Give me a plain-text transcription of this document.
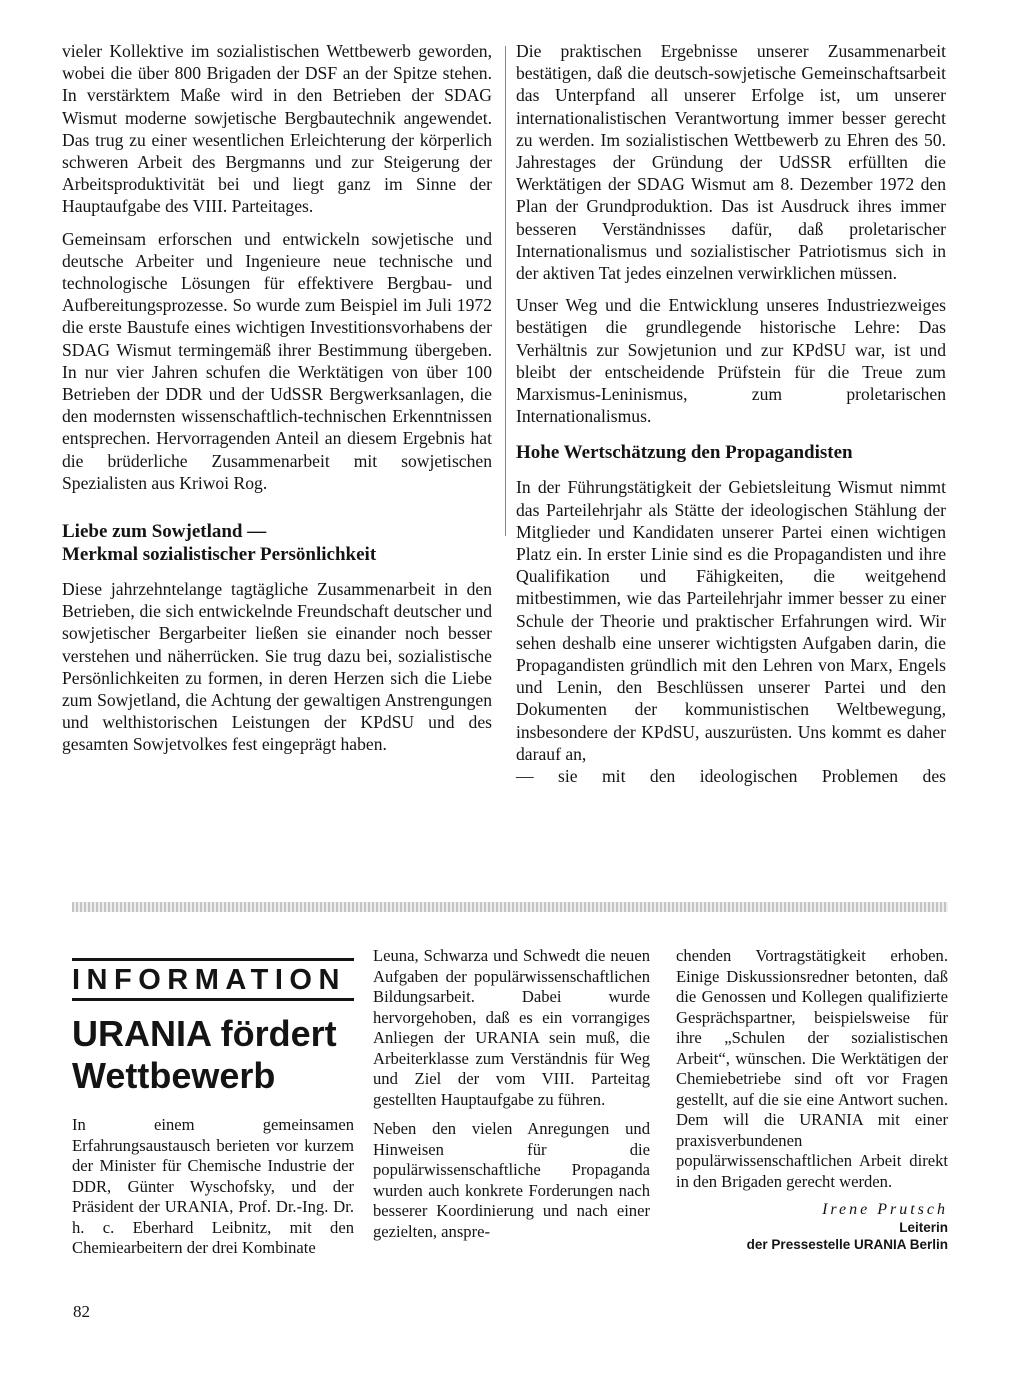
vieler Kollektive im sozialistischen Wettbewerb geworden, wobei die über 800 Brigaden der DSF an der Spitze stehen. In verstärktem Maße wird in den Betrieben der SDAG Wismut moderne sowjetische Bergbautechnik angewendet. Das trug zu einer wesentlichen Erleichterung der körperlich schweren Arbeit des Bergmanns und zur Steigerung der Arbeitsproduktivität bei und liegt ganz im Sinne der Hauptaufgabe des VIII. Parteitages.

Gemeinsam erforschen und entwickeln sowjetische und deutsche Arbeiter und Ingenieure neue technische und technologische Lösungen für effektivere Bergbau- und Aufbereitungsprozesse. So wurde zum Beispiel im Juli 1972 die erste Baustufe eines wichtigen Investitionsvorhabens der SDAG Wismut termingemäß ihrer Bestimmung übergeben. In nur vier Jahren schufen die Werktätigen von über 100 Betrieben der DDR und der UdSSR Bergwerksanlagen, die den modernsten wissenschaftlich-technischen Erkenntnissen entsprechen. Hervorragenden Anteil an diesem Ergebnis hat die brüderliche Zusammenarbeit mit sowjetischen Spezialisten aus Kriwoi Rog.

Liebe zum Sowjetland —
Merkmal sozialistischer Persönlichkeit

Diese jahrzehntelange tagtägliche Zusammenarbeit in den Betrieben, die sich entwickelnde Freundschaft deutscher und sowjetischer Bergarbeiter ließen sie einander noch besser verstehen und näherrücken. Sie trug dazu bei, sozialistische Persönlichkeiten zu formen, in deren Herzen sich die Liebe zum Sowjetland, die Achtung der gewaltigen Anstrengungen und welthistorischen Leistungen der KPdSU und des gesamten Sowjetvolkes fest eingeprägt haben.

Die praktischen Ergebnisse unserer Zusammenarbeit bestätigen, daß die deutsch-sowjetische Gemeinschaftsarbeit das Unterpfand all unserer Erfolge ist, um unserer internationalistischen Verantwortung immer besser gerecht zu werden. Im sozialistischen Wettbewerb zu Ehren des 50. Jahrestages der Gründung der UdSSR erfüllten die Werktätigen der SDAG Wismut am 8. Dezember 1972 den Plan der Grundproduktion. Das ist Ausdruck ihres immer besseren Verständnisses dafür, daß proletarischer Internationalismus und sozialistischer Patriotismus sich in der aktiven Tat jedes einzelnen verwirklichen müssen.

Unser Weg und die Entwicklung unseres Industriezweiges bestätigen die grundlegende historische Lehre: Das Verhältnis zur Sowjetunion und zur KPdSU war, ist und bleibt der entscheidende Prüfstein für die Treue zum Marxismus-Leninismus, zum proletarischen Internationalismus.

Hohe Wertschätzung den Propagandisten

In der Führungstätigkeit der Gebietsleitung Wismut nimmt das Parteilehrjahr als Stätte der ideologischen Stählung der Mitglieder und Kandidaten unserer Partei einen wichtigen Platz ein. In erster Linie sind es die Propagandisten und ihre Qualifikation und Fähigkeiten, die weitgehend mitbestimmen, wie das Parteilehrjahr immer besser zu einer Schule der Theorie und praktischer Erfahrungen wird. Wir sehen deshalb eine unserer wichtigsten Aufgaben darin, die Propagandisten gründlich mit den Lehren von Marx, Engels und Lenin, den Beschlüssen unserer Partei und den Dokumenten der kommunistischen Weltbewegung, insbesondere der KPdSU, auszurüsten. Uns kommt es daher darauf an,

— sie mit den ideologischen Problemen des

INFORMATION
URANIA fördert
Wettbewerb

In einem gemeinsamen Erfahrungsaustausch berieten vor kurzem der Minister für Chemische Industrie der DDR, Günter Wyschofsky, und der Präsident der URANIA, Prof. Dr.-Ing. Dr. h. c. Eberhard Leibnitz, mit den Chemiearbeitern der drei Kombinate

Leuna, Schwarza und Schwedt die neuen Aufgaben der populärwissenschaftlichen Bildungsarbeit. Dabei wurde hervorgehoben, daß es ein vorrangiges Anliegen der URANIA sein muß, die Arbeiterklasse zum Verständnis für Weg und Ziel der vom VIII. Parteitag gestellten Hauptaufgabe zu führen.

Neben den vielen Anregungen und Hinweisen für die populärwissenschaftliche Propaganda wurden auch konkrete Forderungen nach besserer Koordinierung und nach einer gezielten, anspre-

chenden Vortragstätigkeit erhoben. Einige Diskussionsredner betonten, daß die Genossen und Kollegen qualifizierte Gesprächspartner, beispielsweise für ihre „Schulen der sozialistischen Arbeit“, wünschen. Die Werktätigen der Chemiebetriebe sind oft vor Fragen gestellt, auf die sie eine Antwort suchen. Dem will die URANIA mit einer praxisverbundenen populärwissenschaftlichen Arbeit direkt in den Brigaden gerecht werden.

Irene Prutsch
Leiterin
der Pressestelle URANIA Berlin
82
